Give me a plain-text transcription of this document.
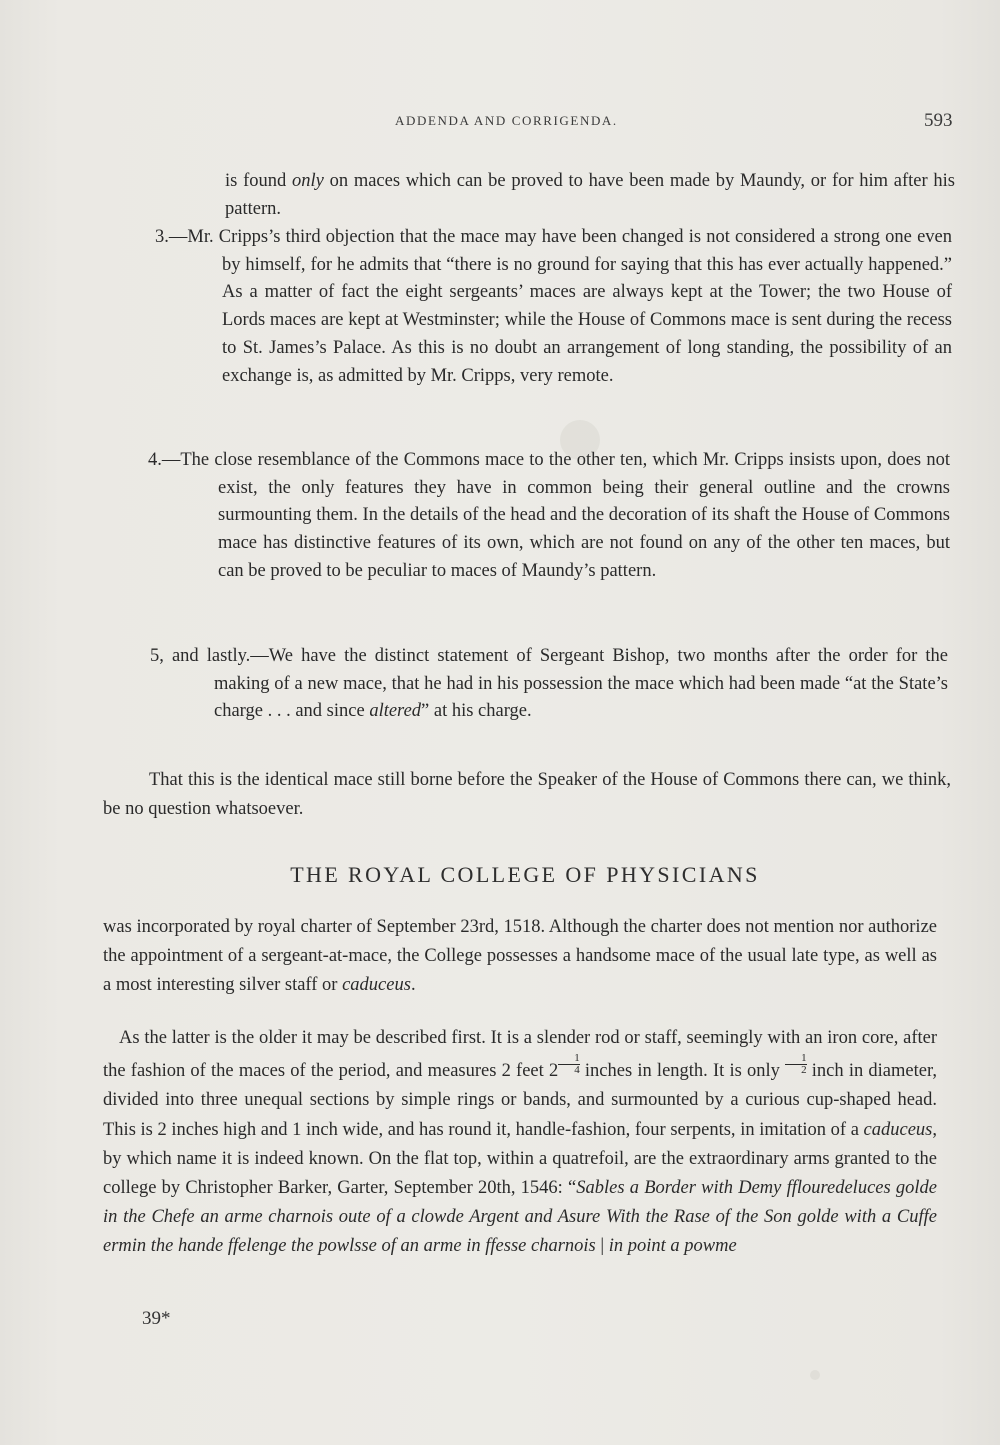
ADDENDA AND CORRIGENDA.	593

is found only on maces which can be proved to have been made by Maundy, or for him after his pattern.

3.—Mr. Cripps’s third objection that the mace may have been changed is not considered a strong one even by himself, for he admits that “there is no ground for saying that this has ever actually happened.” As a matter of fact the eight sergeants’ maces are always kept at the Tower; the two House of Lords maces are kept at Westminster; while the House of Commons mace is sent during the recess to St. James’s Palace. As this is no doubt an arrangement of long standing, the possibility of an exchange is, as admitted by Mr. Cripps, very remote.

4.—The close resemblance of the Commons mace to the other ten, which Mr. Cripps insists upon, does not exist, the only features they have in common being their general outline and the crowns surmounting them. In the details of the head and the decoration of its shaft the House of Commons mace has distinctive features of its own, which are not found on any of the other ten maces, but can be proved to be peculiar to maces of Maundy’s pattern.

5, and lastly.—We have the distinct statement of Sergeant Bishop, two months after the order for the making of a new mace, that he had in his possession the mace which had been made “at the State’s charge . . . and since altered” at his charge.

That this is the identical mace still borne before the Speaker of the House of Commons there can, we think, be no question whatsoever.
THE ROYAL COLLEGE OF PHYSICIANS
was incorporated by royal charter of September 23rd, 1518. Although the charter does not mention nor authorize the appointment of a sergeant-at-mace, the College possesses a handsome mace of the usual late type, as well as a most interesting silver staff or caduceus.
As the latter is the older it may be described first. It is a slender rod or staff, seemingly with an iron core, after the fashion of the maces of the period, and measures 2 feet $2 \frac{1}{4}$ inches in length. It is only $\frac{1}{2}$ inch in diameter, divided into three unequal sections by simple rings or bands, and surmounted by a curious cup-shaped head. This is 2 inches high and 1 inch wide, and has round it, handle-fashion, four serpents, in imitation of a caduceus, by which name it is indeed known. On the flat top, within a quatrefoil, are the extraordinary arms granted to the college by Christopher Barker, Garter, September 20th, 1546: “Sables a Border with Demy fflouredeluces golde in the Chefe an arme charnois oute of a clowde Argent and Asure With the Rase of the Son golde with a Cuffe ermin the hande ffelenge the powlsse of an arme in ffesse charnois | in point a powme
39*
